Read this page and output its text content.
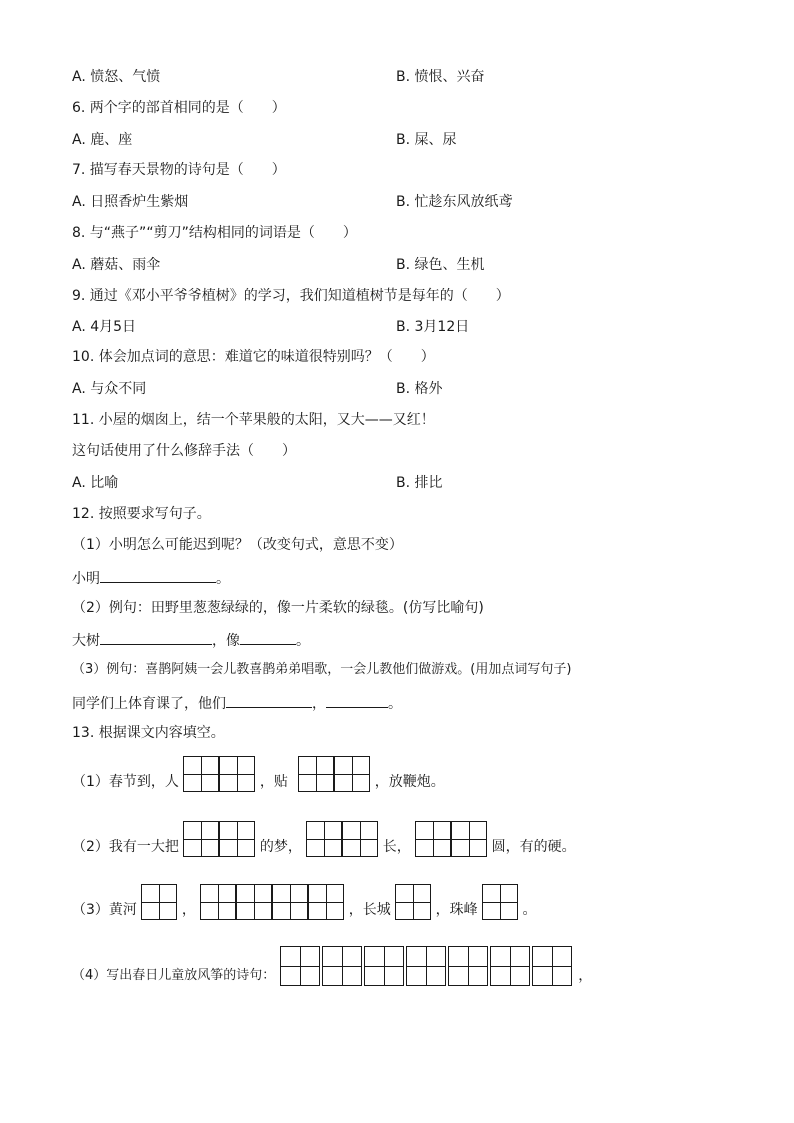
A. 愤怒、气愤	B. 愤恨、兴奋
6. 两个字的部首相同的是（　　）
A. 鹿、座	B. 屎、尿
7. 描写春天景物的诗句是（　　）
A. 日照香炉生紫烟	B. 忙趁东风放纸鸢
8. 与“燕子”“剪刀”结构相同的词语是（　　）
A. 蘑菇、雨伞	B. 绿色、生机
9. 通过《邓小平爷爷植树》的学习，我们知道植树节是每年的（　　）
A. 4月5日	B. 3月12日
10. 体会加点词的意思：难道它的味道很特别吗？（　　）
A. 与众不同	B. 格外
11. 小屋的烟囱上，结一个苹果般的太阳，又大——又红！
这句话使用了什么修辞手法（　　）
A. 比喻	B. 排比
12. 按照要求写句子。
（1）小明怎么可能迟到呢？（改变句式，意思不变）
小明	。
（2）例句：田野里葱葱绿绿的，像一片柔软的绿毯。(仿写比喻句)
大树	，像	。
（3）例句：喜鹊阿姨一会儿教喜鹊弟弟唱歌，一会儿教他们做游戏。(用加点词写句子)
同学们上体育课了，他们	，	。
13. 根据课文内容填空。
（1）春节到，人	，贴	，放鞭炮。
（2）我有一大把	的梦，	长，	圆，有的硬。
（3）黄河	，	，长城	，珠峰	。
（4）写出春日儿童放风筝的诗句：	，
